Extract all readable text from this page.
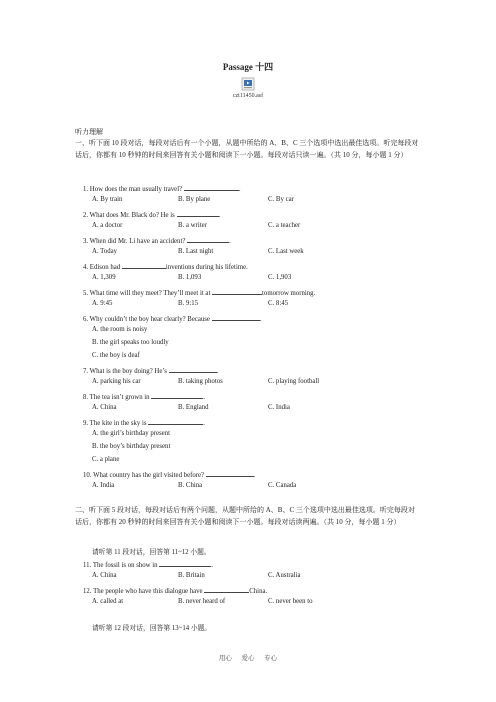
Passage 十四
czt11450.asf
听力理解
一、听下面 10 段对话，每段对话后有一个小题，从题中所给的 A、B、C 三个选项中选出最佳选项。听完每段对话后，你都有 10 秒钟的时间来回答有关小题和阅读下一小题。每段对话只读一遍。（共 10 分，每小题 1 分）
1. How does the man usually travel?	.
A. By train	B. By plane	C. By car
2. What does Mr. Black do? He is	.
A. a doctor	B. a writer	C. a teacher
3. When did Mr. Li have an accident?	.
A. Today	B. Last night	C. Last week
4. Edison had	inventions during his lifetime.
A. 1,309	B. 1,093	C. 1,903
5. What time will they meet? They’ll meet it at	tomorrow morning.
A. 9:45	B. 9:15	C. 8:45
6. Why couldn’t the boy hear clearly? Because	.
A. the room is noisy
B. the girl speaks too loudly
C. the boy is deaf
7. What is the boy doing? He’s	.
A. parking his car	B. taking photos	C. playing football
8. The tea isn’t grown in	.
A. China	B. England	C. India
9. The kite in the sky is	.
A. the girl’s birthday present
B. the boy’s birthday present
C. a plane
10. What country has the girl visited before?	.
A. India	B. China	C. Canada
二、听下面 5 段对话，每段对话后有两个问题，从题中所给的 A、B、C 三个选项中选出最佳选项。听完每段对话后，你都有 20 秒钟的时间来回答有关小题和阅读下一小题。每段对话读两遍。（共 10 分，每小题 1 分）
请听第 11 段对话，回答第 11~12 小题。
11. The fossil is on show in	.
A. China	B. Britain	C. Australia
12. The people who have this dialogue have	China.
A. called at	B. never heard of	C. never been to
请听第 12 段对话，回答第 13~14 小题。
用心 爱心 专心
